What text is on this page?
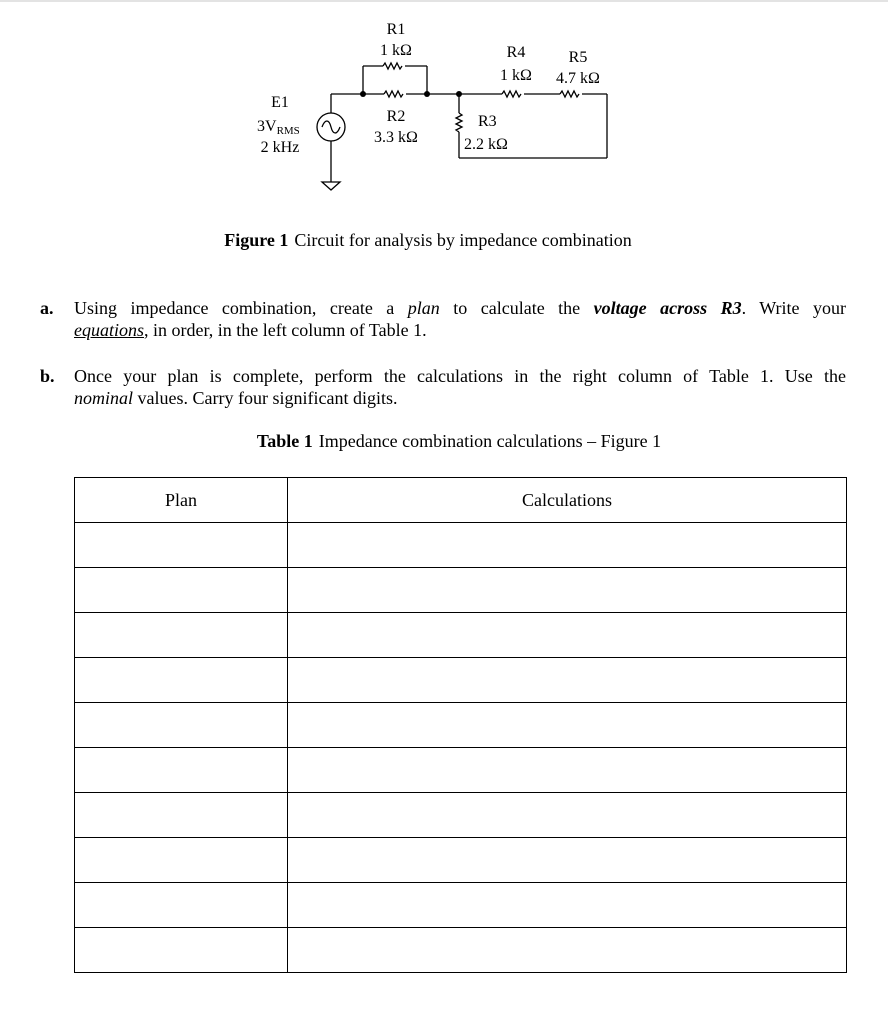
R1
1 kΩ
R2
3.3 kΩ
R3
2.2 kΩ
R4
1 kΩ
R5
4.7 kΩ
E1
3VRMS
2 kHz
Figure 1 Circuit for analysis by impedance combination
a. Using impedance combination, create a plan to calculate the voltage across R3. Write your
equations, in order, in the left column of Table 1.
b. Once your plan is complete, perform the calculations in the right column of Table 1. Use the
nominal values. Carry four significant digits.
Table 1 Impedance combination calculations – Figure 1
Plan	Calculations
